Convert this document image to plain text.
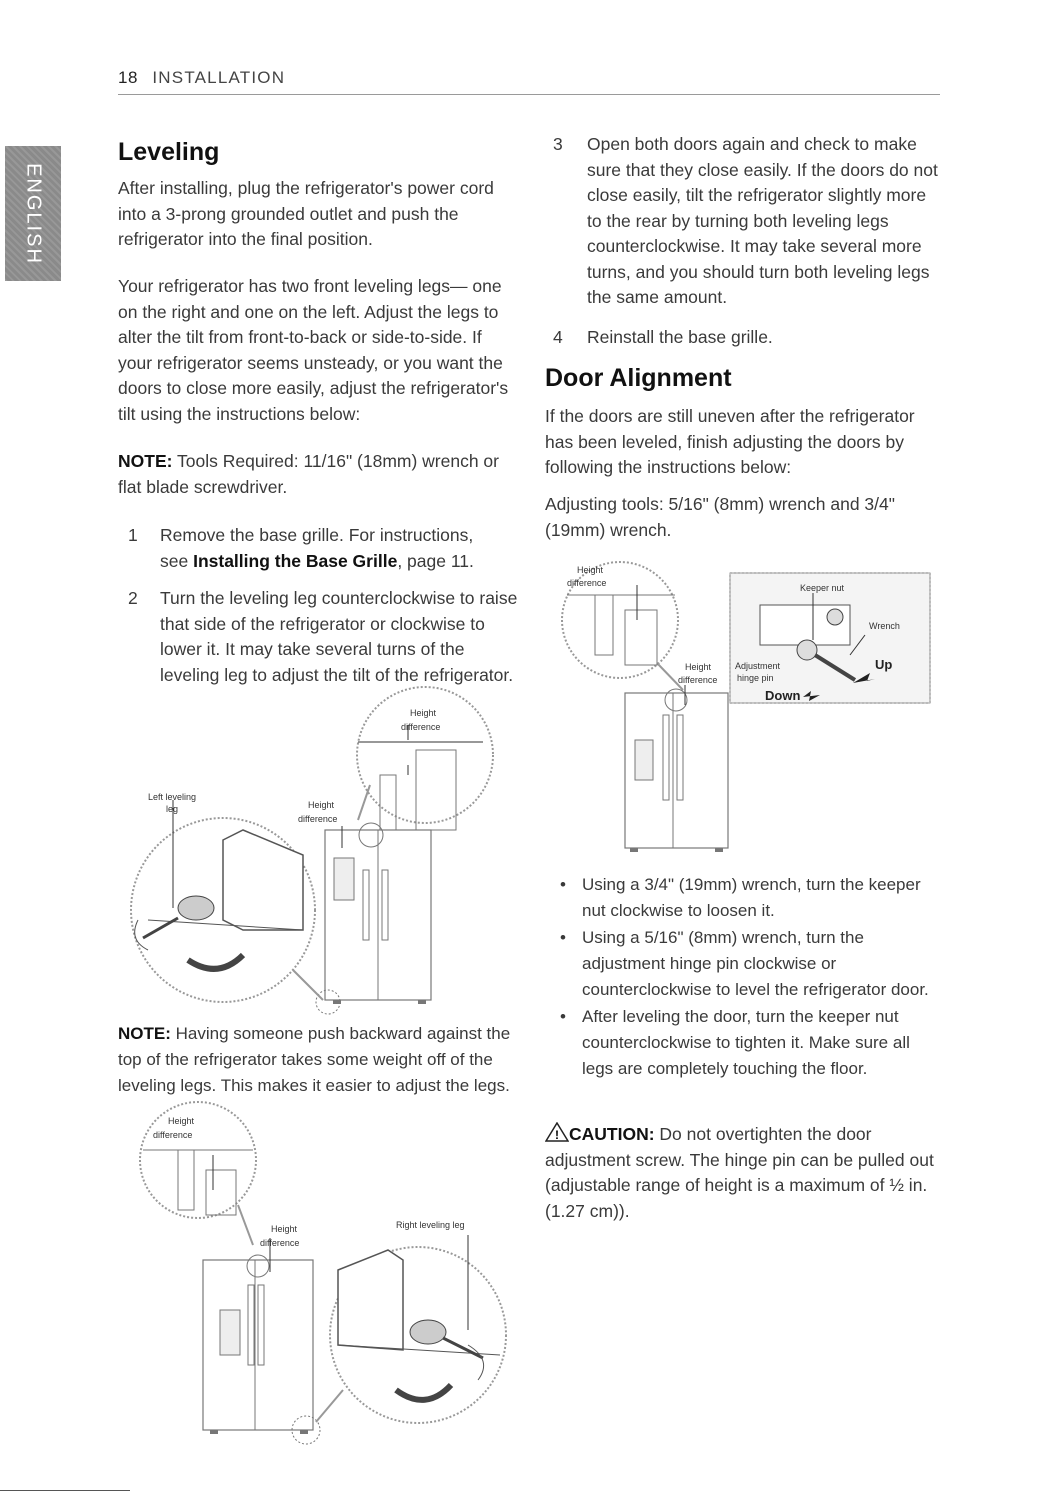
18 INSTALLATION
ENGLISH
Leveling

After installing, plug the refrigerator's power cord into a 3-prong grounded outlet and push the refrigerator into the final position.

Your refrigerator has two front leveling legs— one on the right and one on the left. Adjust the legs to alter the tilt from front-to-back or side-to-side. If your refrigerator seems unsteady, or you want the doors to close more easily, adjust the refrigerator's tilt using the instructions below:

NOTE: Tools Required: 11/16" (18mm) wrench or flat blade screwdriver.

1 Remove the base grille. For instructions, see Installing the Base Grille, page 11.
2 Turn the leveling leg counterclockwise to raise that side of the refrigerator or clockwise to lower it. It may take several turns of the leveling leg to adjust the tilt of the refrigerator.
Height
difference
Height
difference
Left leveling
leg

NOTE: Having someone push backward against the top of the refrigerator takes some weight off of the leveling legs. This makes it easier to adjust the legs.

Height
difference
Height
difference
Right leveling leg
3 Open both doors again and check to make sure that they close easily. If the doors do not close easily, tilt the refrigerator slightly more to the rear by turning both leveling legs counterclockwise. It may take several more turns, and you should turn both leveling legs the same amount.
4 Reinstall the base grille.
Door Alignment

If the doors are still uneven after the refrigerator has been leveled, finish adjusting the doors by following the instructions below:

Adjusting tools: 5/16" (8mm) wrench and 3/4" (19mm) wrench.

Height
difference	Keeper nut
Wrench
Adjustment
hinge pin
Up
Down
Height
difference
• Using a 3/4" (19mm) wrench, turn the keeper nut clockwise to loosen it.
• Using a 5/16" (8mm) wrench, turn the adjustment hinge pin clockwise or counterclockwise to level the refrigerator door.
• After leveling the door, turn the keeper nut counterclockwise to tighten it. Make sure all legs are completely touching the floor.

! CAUTION: Do not overtighten the door adjustment screw. The hinge pin can be pulled out (adjustable range of height is a maximum of ½ in. (1.27 cm)).
